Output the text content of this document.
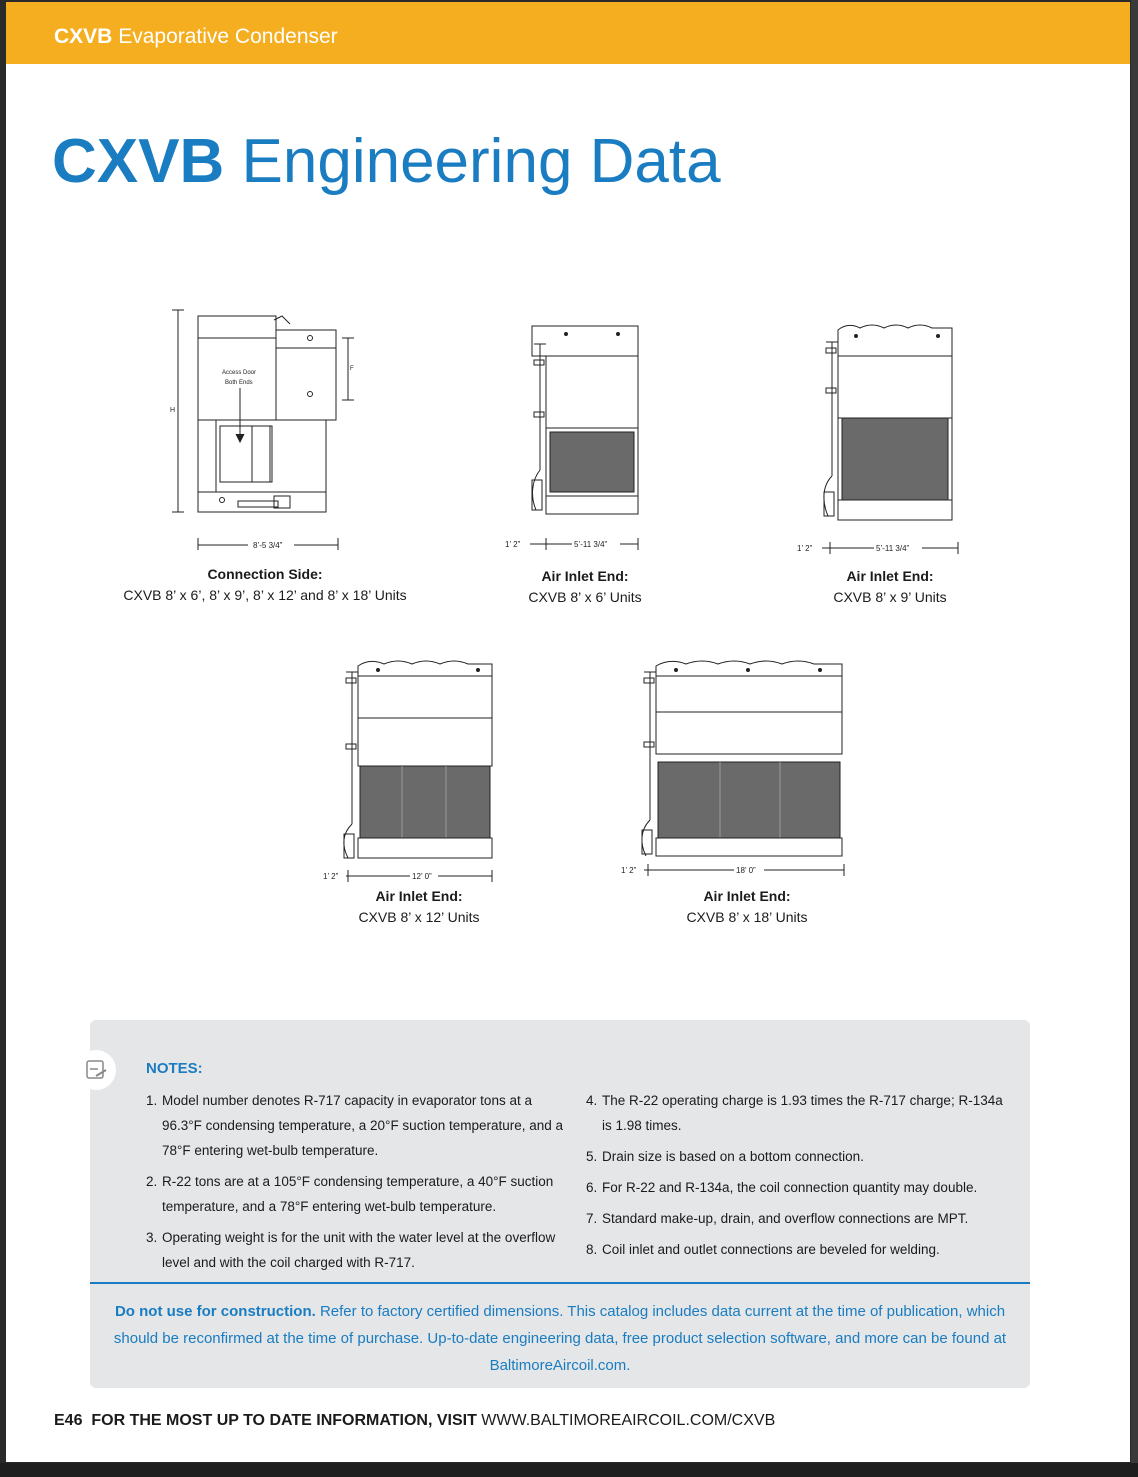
CXVB Evaporative Condenser
CXVB Engineering Data
H
F
Access Door
Both Ends
8’-5 3/4”
Connection Side:
CXVB 8’ x 6’, 8’ x 9’, 8’ x 12’ and 8’ x 18’ Units
1’ 2”	5’-11 3/4”
Air Inlet End:
CXVB 8’ x 6’ Units
1’ 2”	5’-11 3/4”
Air Inlet End:
CXVB 8’ x 9’ Units
1’ 2”	12’ 0”
Air Inlet End:
CXVB 8’ x 12’ Units
1’ 2”	18’ 0”
Air Inlet End:
CXVB 8’ x 18’ Units
NOTES:
1. Model number denotes R-717 capacity in evaporator tons at a 96.3°F condensing temperature, a 20°F suction temperature, and a 78°F entering wet-bulb temperature.
2. R-22 tons are at a 105°F condensing temperature, a 40°F suction temperature, and a 78°F entering wet-bulb temperature.
3. Operating weight is for the unit with the water level at the overflow level and with the coil charged with R-717.
4. The R-22 operating charge is 1.93 times the R-717 charge; R-134a is 1.98 times.
5. Drain size is based on a bottom connection.
6. For R-22 and R-134a, the coil connection quantity may double.
7. Standard make-up, drain, and overflow connections are MPT.
8. Coil inlet and outlet connections are beveled for welding.
Do not use for construction. Refer to factory certified dimensions. This catalog includes data current at the time of publication, which should be reconfirmed at the time of purchase. Up-to-date engineering data, free product selection software, and more can be found at BaltimoreAircoil.com.
E46 FOR THE MOST UP TO DATE INFORMATION, VISIT WWW.BALTIMOREAIRCOIL.COM/CXVB
